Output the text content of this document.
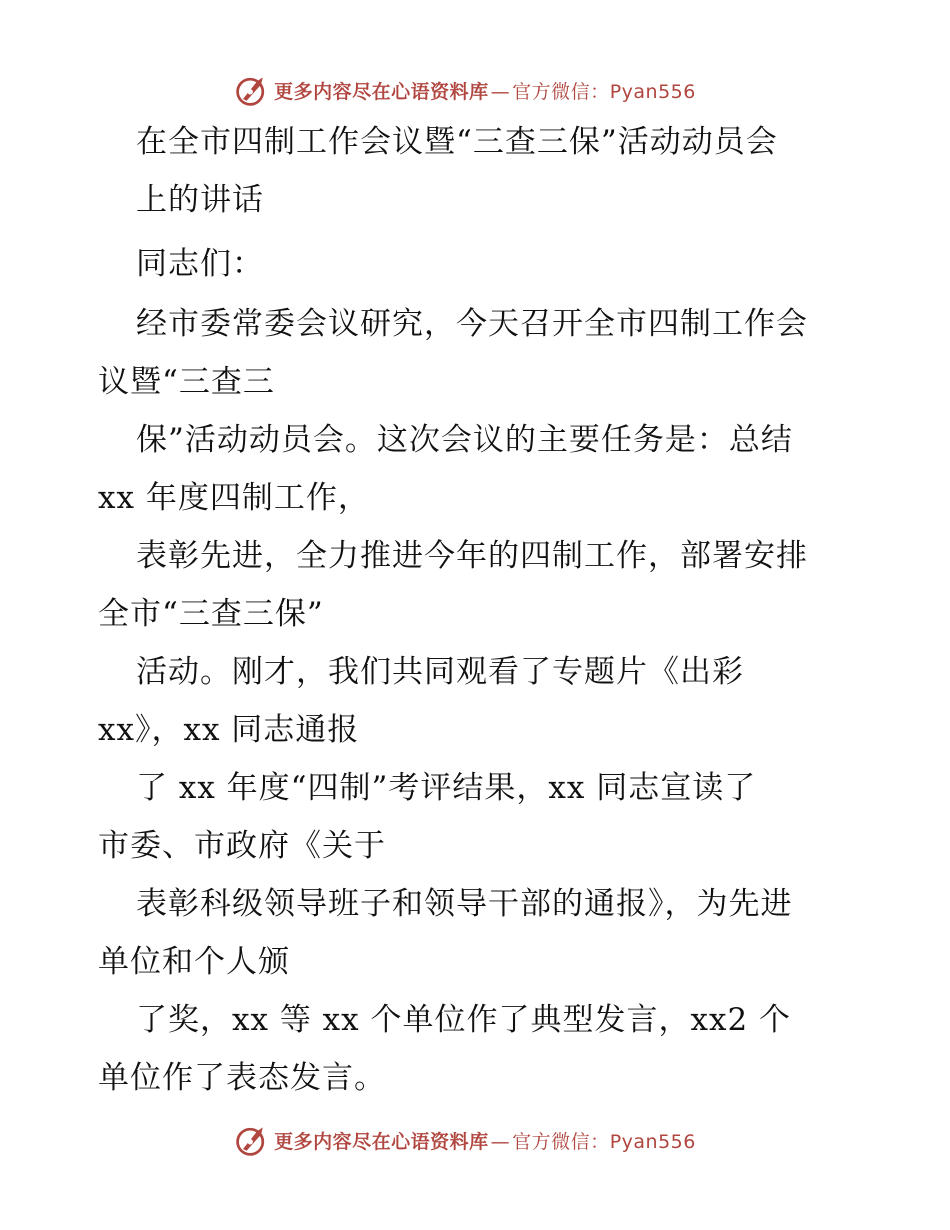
更多内容尽在心语资料库 — 官方微信：Pyan556
在全市四制工作会议暨“三查三保”活动动员会
上的讲话
同志们：
经市委常委会议研究，今天召开全市四制工作会
议暨“三查三
保”活动动员会。这次会议的主要任务是：总结
xx 年度四制工作，
表彰先进，全力推进今年的四制工作，部署安排
全市“三查三保”
活动。刚才，我们共同观看了专题片《出彩
xx》，xx 同志通报
了 xx 年度“四制”考评结果，xx 同志宣读了
市委、市政府《关于
表彰科级领导班子和领导干部的通报》，为先进
单位和个人颁
了奖，xx 等 xx 个单位作了典型发言，xx2 个
单位作了表态发言。
更多内容尽在心语资料库 — 官方微信：Pyan556
